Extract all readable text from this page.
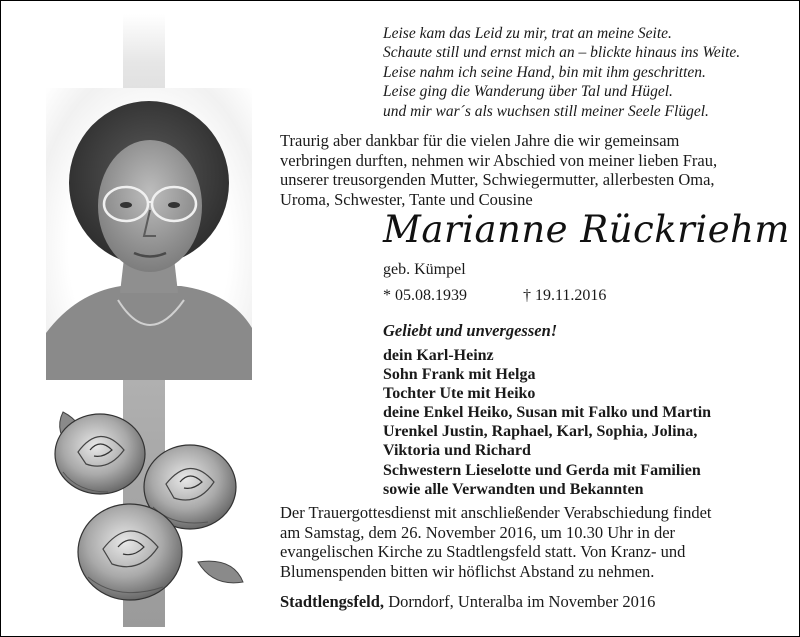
Leise kam das Leid zu mir, trat an meine Seite.
Schaute still und ernst mich an – blickte hinaus ins Weite.
Leise nahm ich seine Hand, bin mit ihm geschritten.
Leise ging die Wanderung über Tal und Hügel.
und mir war´s als wuchsen still meiner Seele Flügel.
Traurig aber dankbar für die vielen Jahre die wir gemeinsam
verbringen durften, nehmen wir Abschied von meiner lieben Frau,
unserer treusorgenden Mutter, Schwiegermutter, allerbesten Oma,
Uroma, Schwester, Tante und Cousine
Marianne Rückriehm
geb. Kümpel
* 05.08.1939	† 19.11.2016
Geliebt und unvergessen!
dein Karl-Heinz
Sohn Frank mit Helga
Tochter Ute mit Heiko
deine Enkel Heiko, Susan mit Falko und Martin
Urenkel Justin, Raphael, Karl, Sophia, Jolina,
Viktoria und Richard
Schwestern Lieselotte und Gerda mit Familien
sowie alle Verwandten und Bekannten
Der Trauergottesdienst mit anschließender Verabschiedung findet
am Samstag, dem 26. November 2016, um 10.30 Uhr in der
evangelischen Kirche zu Stadtlengsfeld statt. Von Kranz- und
Blumenspenden bitten wir höflichst Abstand zu nehmen.
Stadtlengsfeld, Dorndorf, Unteralba im November 2016
